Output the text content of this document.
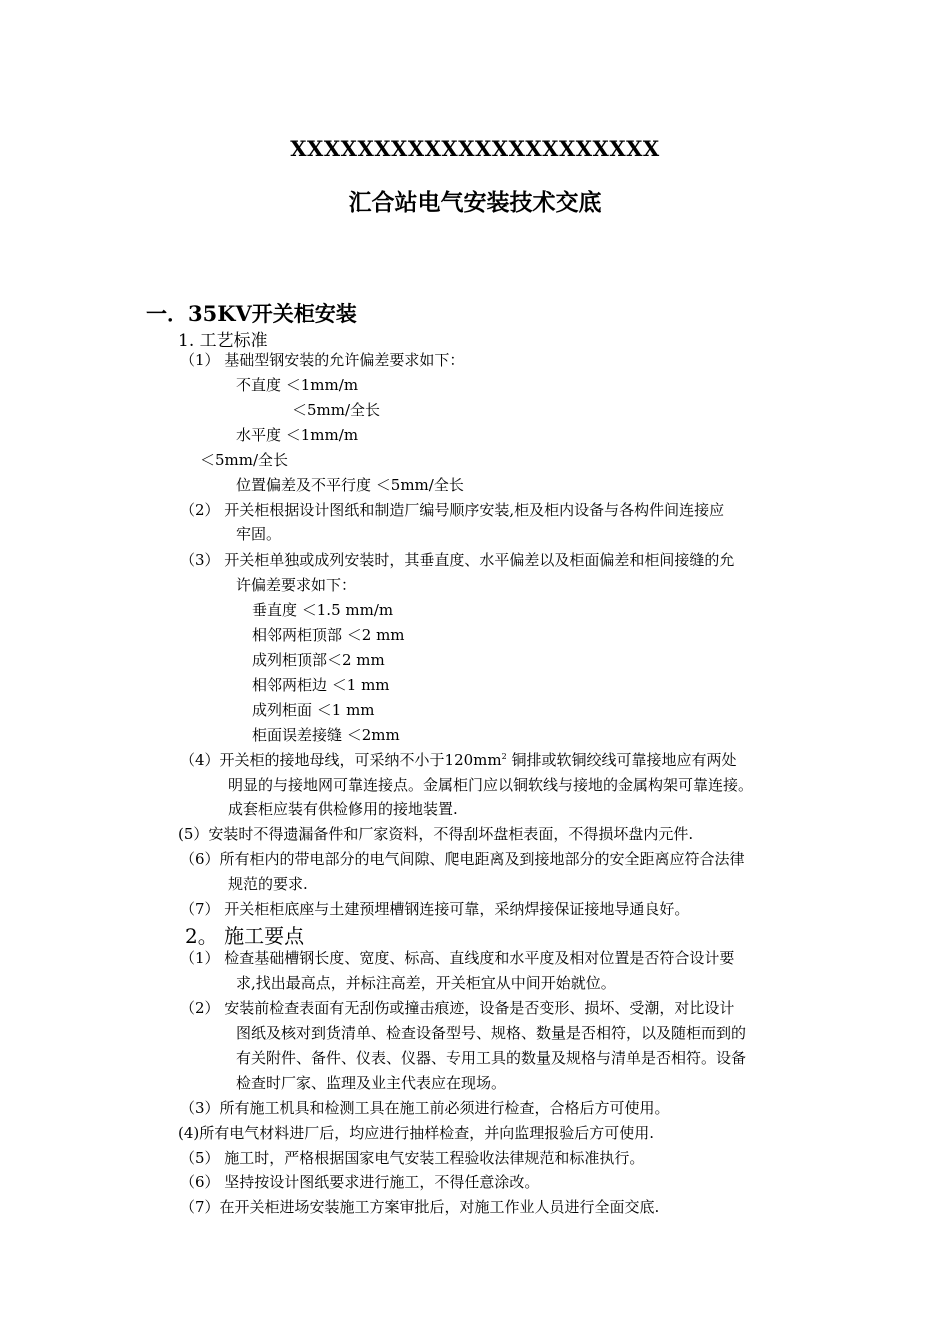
XXXXXXXXXXXXXXXXXXXXXX
汇合站电气安装技术交底
一．35KV开关柜安装
1. 工艺标准
（1） 基础型钢安装的允许偏差要求如下：
不直度 ＜1mm/m
＜5mm/全长
水平度 ＜1mm/m
＜5mm/全长
位置偏差及不平行度 ＜5mm/全长
（2） 开关柜根据设计图纸和制造厂编号顺序安装,柜及柜内设备与各构件间连接应
牢固。
（3） 开关柜单独或成列安装时，其垂直度、水平偏差以及柜面偏差和柜间接缝的允
许偏差要求如下：
垂直度 ＜1.5 mm/m
相邻两柜顶部 ＜2 mm
成列柜顶部＜2 mm
相邻两柜边 ＜1 mm
成列柜面 ＜1 mm
柜面误差接缝 ＜2mm
（4）开关柜的接地母线，可采纳不小于$120mm^2$ 铜排或软铜绞线可靠接地应有两处
明显的与接地网可靠连接点。金属柜门应以铜软线与接地的金属构架可靠连接。
成套柜应装有供检修用的接地装置.
(5）安装时不得遗漏备件和厂家资料，不得刮坏盘柜表面，不得损坏盘内元件.
（6）所有柜内的带电部分的电气间隙、爬电距离及到接地部分的安全距离应符合法律
规范的要求.
（7） 开关柜柜底座与土建预埋槽钢连接可靠，采纳焊接保证接地导通良好。
2。 施工要点
（1） 检查基础槽钢长度、宽度、标高、直线度和水平度及相对位置是否符合设计要
求,找出最高点，并标注高差，开关柜宜从中间开始就位。
（2） 安装前检查表面有无刮伤或撞击痕迹，设备是否变形、损坏、受潮，对比设计
图纸及核对到货清单、检查设备型号、规格、数量是否相符，以及随柜而到的
有关附件、备件、仪表、仪器、专用工具的数量及规格与清单是否相符。设备
检查时厂家、监理及业主代表应在现场。
（3）所有施工机具和检测工具在施工前必须进行检查，合格后方可使用。
(4)所有电气材料进厂后，均应进行抽样检查，并向监理报验后方可使用.
（5） 施工时，严格根据国家电气安装工程验收法律规范和标准执行。
（6） 坚持按设计图纸要求进行施工，不得任意涂改。
（7）在开关柜进场安装施工方案审批后，对施工作业人员进行全面交底.
